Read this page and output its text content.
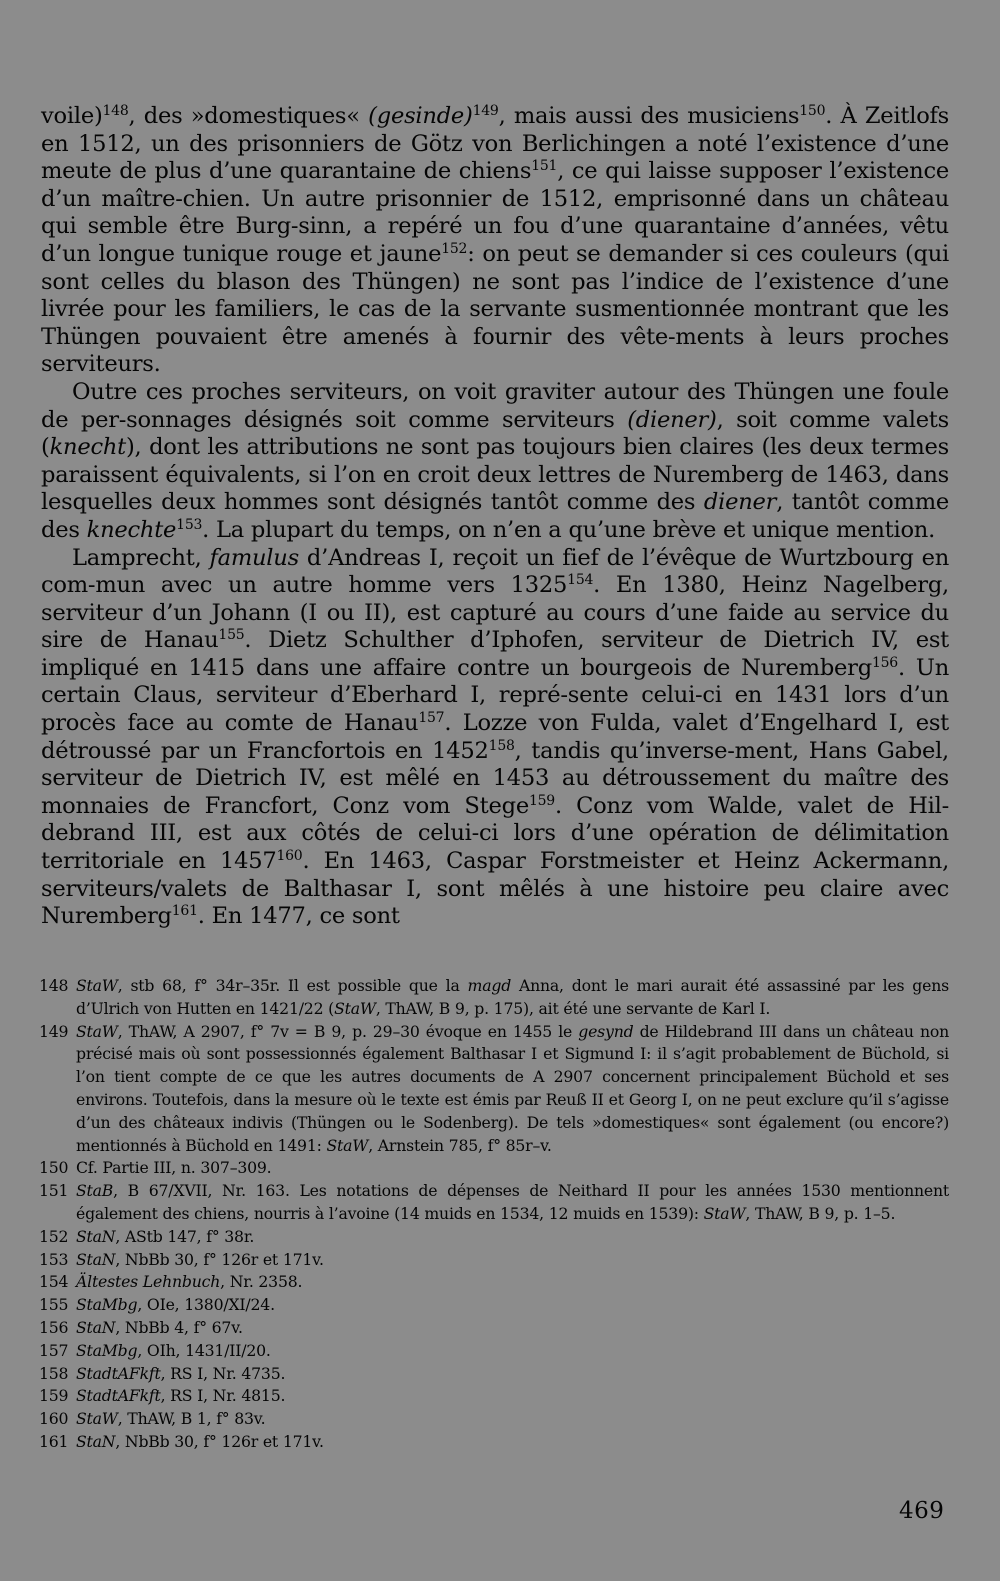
voile)$^{148}$, des »domestiques« (gesinde)$^{149}$, mais aussi des musiciens$^{150}$. À Zeitlofs en 1512, un des prisonniers de Götz von Berlichingen a noté l’existence d’une meute de plus d’une quarantaine de chiens$^{151}$, ce qui laisse supposer l’existence d’un maître-chien. Un autre prisonnier de 1512, emprisonné dans un château qui semble être Burg-sinn, a repéré un fou d’une quarantaine d’années, vêtu d’un longue tunique rouge et jaune$^{152}$: on peut se demander si ces couleurs (qui sont celles du blason des Thüngen) ne sont pas l’indice de l’existence d’une livrée pour les familiers, le cas de la servante susmentionnée montrant que les Thüngen pouvaient être amenés à fournir des vête-ments à leurs proches serviteurs.

Outre ces proches serviteurs, on voit graviter autour des Thüngen une foule de per-sonnages désignés soit comme serviteurs (diener), soit comme valets (knecht), dont les attributions ne sont pas toujours bien claires (les deux termes paraissent équivalents, si l’on en croit deux lettres de Nuremberg de 1463, dans lesquelles deux hommes sont désignés tantôt comme des diener, tantôt comme des knechte$^{153}$. La plupart du temps, on n’en a qu’une brève et unique mention.

Lamprecht, famulus d’Andreas I, reçoit un fief de l’évêque de Wurtzbourg en com-mun avec un autre homme vers 1325$^{154}$. En 1380, Heinz Nagelberg, serviteur d’un Johann (I ou II), est capturé au cours d’une faide au service du sire de Hanau$^{155}$. Dietz Schulther d’Iphofen, serviteur de Dietrich IV, est impliqué en 1415 dans une affaire contre un bourgeois de Nuremberg$^{156}$. Un certain Claus, serviteur d’Eberhard I, repré-sente celui-ci en 1431 lors d’un procès face au comte de Hanau$^{157}$. Lozze von Fulda, valet d’Engelhard I, est détroussé par un Francfortois en 1452$^{158}$, tandis qu’inverse-ment, Hans Gabel, serviteur de Dietrich IV, est mêlé en 1453 au détroussement du maître des monnaies de Francfort, Conz vom Stege$^{159}$. Conz vom Walde, valet de Hil-debrand III, est aux côtés de celui-ci lors d’une opération de délimitation territoriale en 1457$^{160}$. En 1463, Caspar Forstmeister et Heinz Ackermann, serviteurs/valets de Balthasar I, sont mêlés à une histoire peu claire avec Nuremberg$^{161}$. En 1477, ce sont

148 StaW, stb 68, f° 34r–35r. Il est possible que la magd Anna, dont le mari aurait été assassiné par les gens d’Ulrich von Hutten en 1421/22 (StaW, ThAW, B 9, p. 175), ait été une servante de Karl I.
149 StaW, ThAW, A 2907, f° 7v = B 9, p. 29–30 évoque en 1455 le gesynd de Hildebrand III dans un château non précisé mais où sont possessionnés également Balthasar I et Sigmund I: il s’agit probablement de Büchold, si l’on tient compte de ce que les autres documents de A 2907 concernent principalement Büchold et ses environs. Toutefois, dans la mesure où le texte est émis par Reuß II et Georg I, on ne peut exclure qu’il s’agisse d’un des châteaux indivis (Thüngen ou le Sodenberg). De tels »domestiques« sont également (ou encore?) mentionnés à Büchold en 1491: StaW, Arnstein 785, f° 85r–v.
150 Cf. Partie III, n. 307–309.
151 StaB, B 67/XVII, Nr. 163. Les notations de dépenses de Neithard II pour les années 1530 mentionnent également des chiens, nourris à l’avoine (14 muids en 1534, 12 muids en 1539): StaW, ThAW, B 9, p. 1–5.
152 StaN, AStb 147, f° 38r.
153 StaN, NbBb 30, f° 126r et 171v.
154 Ältestes Lehnbuch, Nr. 2358.
155 StaMbg, OIe, 1380/XI/24.
156 StaN, NbBb 4, f° 67v.
157 StaMbg, OIh, 1431/II/20.
158 StadtAFkft, RS I, Nr. 4735.
159 StadtAFkft, RS I, Nr. 4815.
160 StaW, ThAW, B 1, f° 83v.
161 StaN, NbBb 30, f° 126r et 171v.
469
